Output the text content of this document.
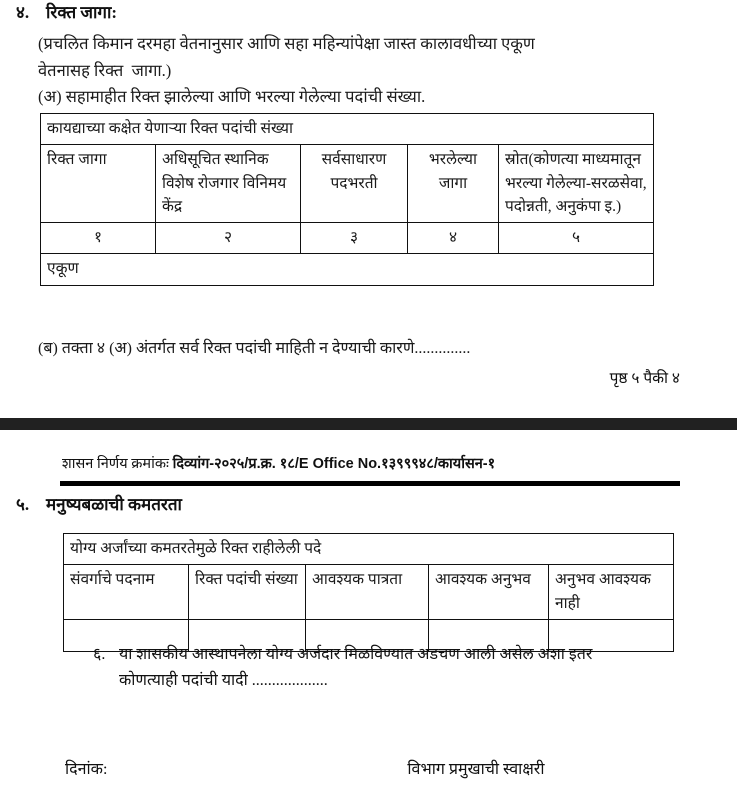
४. रिक्त जागा:
(प्रचलित किमान दरमहा वेतनानुसार आणि सहा महिन्यांपेक्षा जास्त कालावधीच्या एकूण
वेतनासह रिक्त  जागा.)
(अ) सहामाहीत रिक्त झालेल्या आणि भरल्या गेलेल्या पदांची संख्या.
कायद्याच्या कक्षेत येणाऱ्या रिक्त पदांची संख्या				
रिक्त जागा	अधिसूचित स्थानिक विशेष रोजगार विनिमय केंद्र	सर्वसाधारण पदभरती	भरलेल्या जागा	स्रोत(कोणत्या माध्यमातून भरल्या गेलेल्या-सरळसेवा, पदोन्नती, अनुकंपा इ.)
१	२	३	४	५
एकूण				
(ब) तक्ता ४ (अ) अंतर्गत सर्व रिक्त पदांची माहिती न देण्याची कारणे..............
पृष्ठ ५ पैकी ४
शासन निर्णय क्रमांकः दिव्यांग-२०२५/प्र.क्र. १८/E Office No.१३९९९४८/कार्यासन-१
५. मनुष्यबळाची कमतरता
योग्य अर्जांच्या कमतरतेमुळे रिक्त राहीलेली पदे				
संवर्गाचे पदनाम	रिक्त पदांची संख्या	आवश्यक पात्रता	आवश्यक अनुभव	अनुभव आवश्यक नाही

६. या शासकीय आस्थापनेला योग्य अर्जदार मिळविण्यात अडचण आली असेल अशा इतर
कोणत्याही पदांची यादी ...................
दिनांक:	विभाग प्रमुखाची स्वाक्षरी
